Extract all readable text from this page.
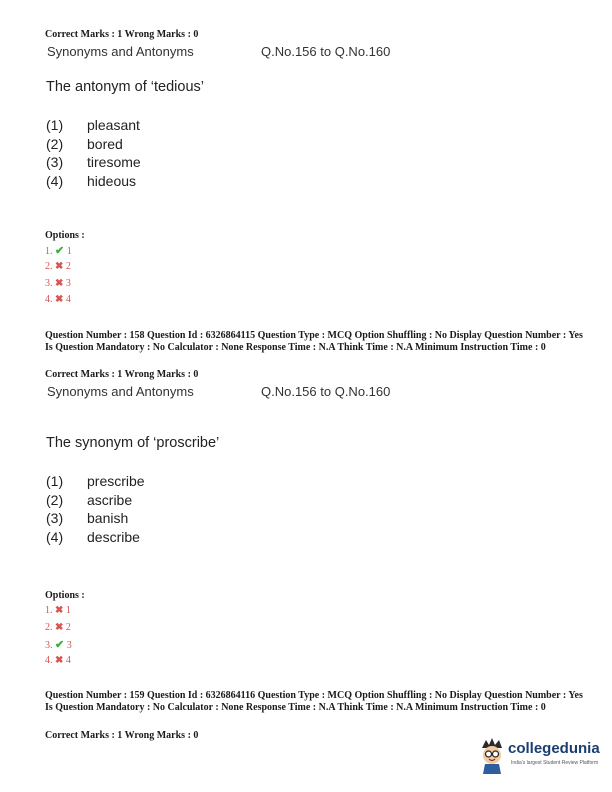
Correct Marks : 1 Wrong Marks : 0
Synonyms and Antonyms	Q.No.156 to Q.No.160
The antonym of ‘tedious’
(1) pleasant
(2) bored
(3) tiresome
(4) hideous
Options :
1. ✔ 1
2. ✖ 2
3. ✖ 3
4. ✖ 4
Question Number : 158 Question Id : 6326864115 Question Type : MCQ Option Shuffling : No Display Question Number : Yes Is Question Mandatory : No Calculator : None Response Time : N.A Think Time : N.A Minimum Instruction Time : 0
Correct Marks : 1 Wrong Marks : 0
Synonyms and Antonyms	Q.No.156 to Q.No.160
The synonym of ‘proscribe’
(1) prescribe
(2) ascribe
(3) banish
(4) describe
Options :
1. ✖ 1
2. ✖ 2
3. ✔ 3
4. ✖ 4
Question Number : 159 Question Id : 6326864116 Question Type : MCQ Option Shuffling : No Display Question Number : Yes Is Question Mandatory : No Calculator : None Response Time : N.A Think Time : N.A Minimum Instruction Time : 0
Correct Marks : 1 Wrong Marks : 0
collegedunia
India's largest Student Review Platform
